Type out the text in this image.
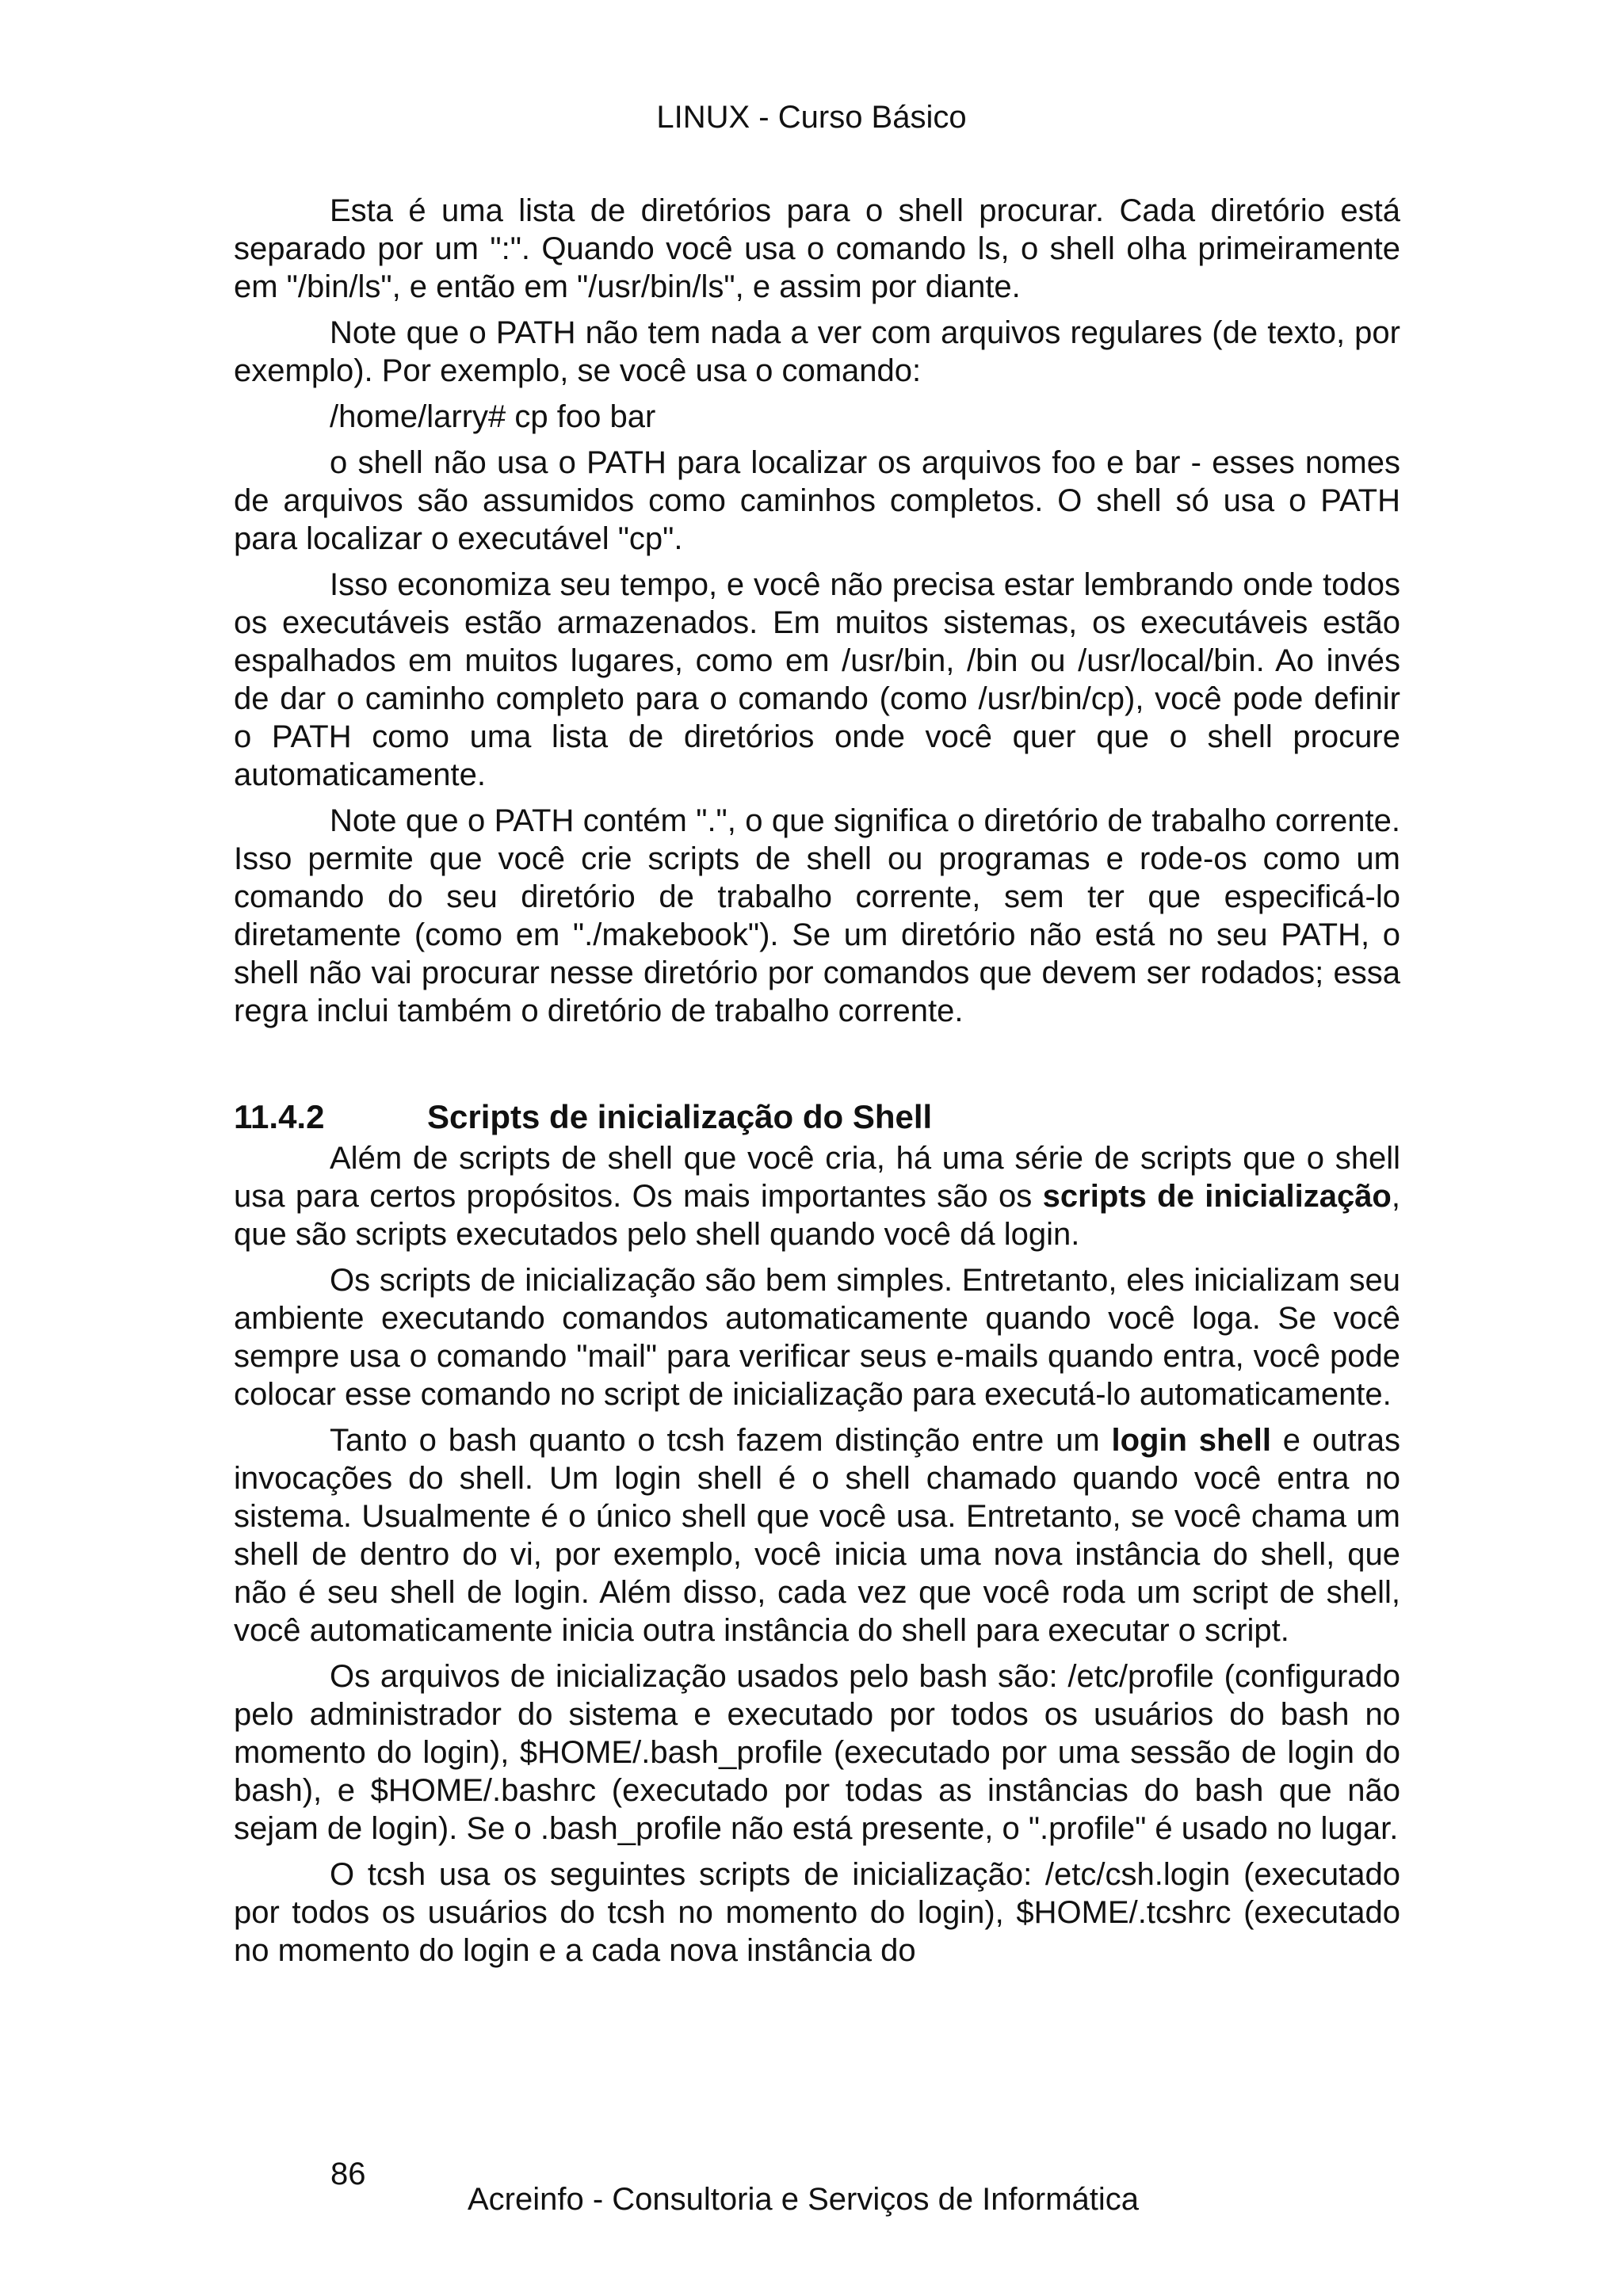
LINUX - Curso Básico

Esta é uma lista de diretórios para o shell procurar. Cada diretório está separado por um ":". Quando você usa o comando ls, o shell olha primeiramente em "/bin/ls", e então em "/usr/bin/ls", e assim por diante.

Note que o PATH não tem nada a ver com arquivos regulares (de texto, por exemplo). Por exemplo, se você usa o comando:

/home/larry# cp foo bar

o shell não usa o PATH para localizar os arquivos foo e bar - esses nomes de arquivos são assumidos como caminhos completos. O shell só usa o PATH para localizar o executável "cp".

Isso economiza seu tempo, e você não precisa estar lembrando onde todos os executáveis estão armazenados. Em muitos sistemas, os executáveis estão espalhados em muitos lugares, como em /usr/bin, /bin ou /usr/local/bin. Ao invés de dar o caminho completo para o comando (como /usr/bin/cp), você pode definir o PATH como uma lista de diretórios onde você quer que o shell procure automaticamente.

Note que o PATH contém ".", o que significa o diretório de trabalho corrente. Isso permite que você crie scripts de shell ou programas e rode-os como um comando do seu diretório de trabalho corrente, sem ter que especificá-lo diretamente (como em "./makebook"). Se um diretório não está no seu PATH, o shell não vai procurar nesse diretório por comandos que devem ser rodados; essa regra inclui também o diretório de trabalho corrente.

11.4.2	Scripts de inicialização do Shell

Além de scripts de shell que você cria, há uma série de scripts que o shell usa para certos propósitos. Os mais importantes são os scripts de inicialização, que são scripts executados pelo shell quando você dá login.

Os scripts de inicialização são bem simples. Entretanto, eles inicializam seu ambiente executando comandos automaticamente quando você loga. Se você sempre usa o comando "mail" para verificar seus e-mails quando entra, você pode colocar esse comando no script de inicialização para executá-lo automaticamente.

Tanto o bash quanto o tcsh fazem distinção entre um login shell e outras invocações do shell. Um login shell é o shell chamado quando você entra no sistema. Usualmente é o único shell que você usa. Entretanto, se você chama um shell de dentro do vi, por exemplo, você inicia uma nova instância do shell, que não é seu shell de login. Além disso, cada vez que você roda um script de shell, você automaticamente inicia outra instância do shell para executar o script.

Os arquivos de inicialização usados pelo bash são: /etc/profile (configurado pelo administrador do sistema e executado por todos os usuários do bash no momento do login), $HOME/.bash_profile (executado por uma sessão de login do bash), e $HOME/.bashrc (executado por todas as instâncias do bash que não sejam de login). Se o .bash_profile não está presente, o ".profile" é usado no lugar.

O tcsh usa os seguintes scripts de inicialização: /etc/csh.login (executado por todos os usuários do tcsh no momento do login), $HOME/.tcshrc (executado no momento do login e a cada nova instância do

86
Acreinfo - Consultoria e Serviços de Informática
